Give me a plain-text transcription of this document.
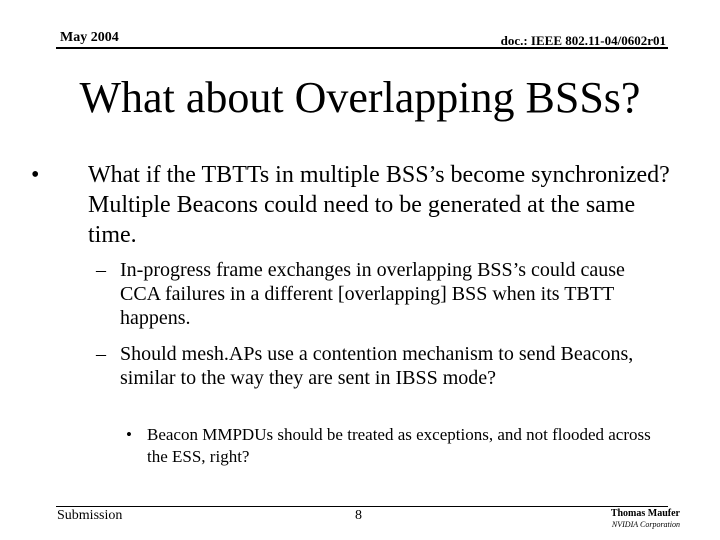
May 2004	doc.: IEEE 802.11-04/0602r01
What about Overlapping BSSs?
• What if the TBTTs in multiple BSS’s become synchronized? Multiple Beacons could need to be generated at the same time.
– In-progress frame exchanges in overlapping BSS’s could cause CCA failures in a different [overlapping] BSS when its TBTT happens.
– Should mesh.APs use a contention mechanism to send Beacons, similar to the way they are sent in IBSS mode?
• Beacon MMPDUs should be treated as exceptions, and not flooded across the ESS, right?
Submission	8	Thomas Maufer
NVIDIA Corporation
